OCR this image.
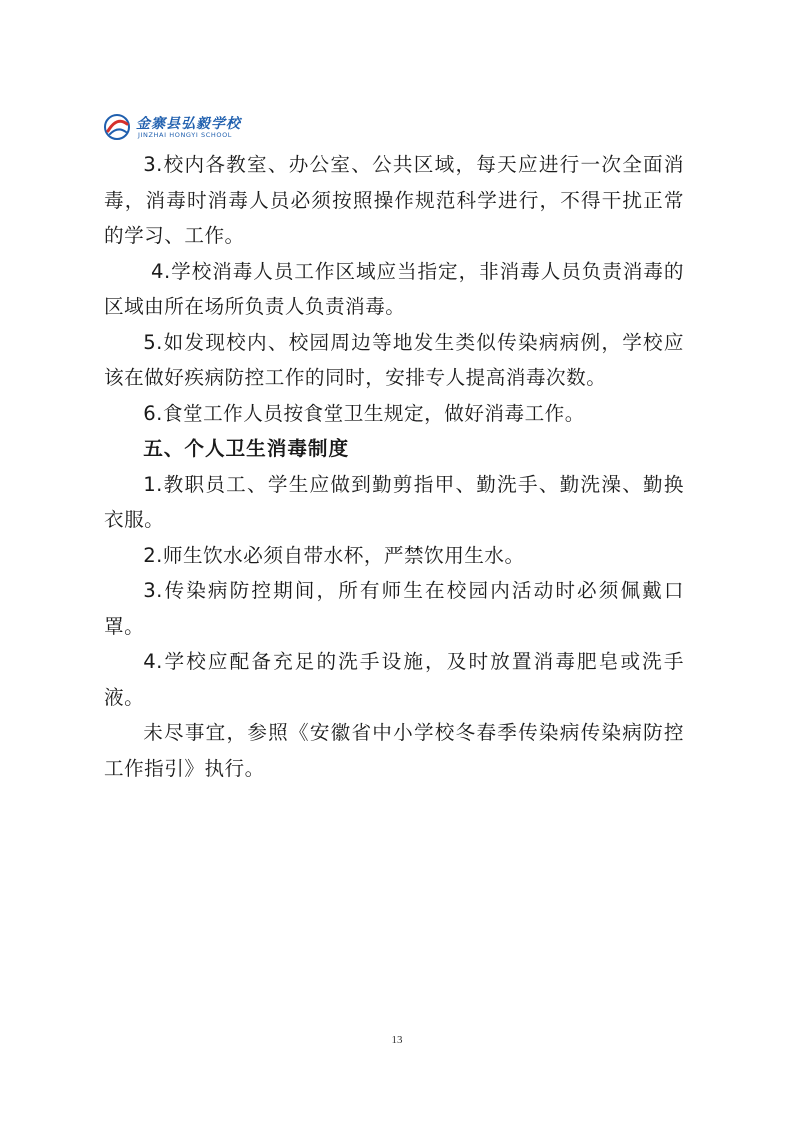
金寨县弘毅学校
JINZHAI HONGYI SCHOOL

3.校内各教室、办公室、公共区域，每天应进行一次全面消毒，消毒时消毒人员必须按照操作规范科学进行，不得干扰正常的学习、工作。

4.学校消毒人员工作区域应当指定，非消毒人员负责消毒的区域由所在场所负责人负责消毒。

5.如发现校内、校园周边等地发生类似传染病病例，学校应该在做好疾病防控工作的同时，安排专人提高消毒次数。

6.食堂工作人员按食堂卫生规定，做好消毒工作。

五、个人卫生消毒制度

1.教职员工、学生应做到勤剪指甲、勤洗手、勤洗澡、勤换衣服。

2.师生饮水必须自带水杯，严禁饮用生水。

3.传染病防控期间，所有师生在校园内活动时必须佩戴口罩。

4.学校应配备充足的洗手设施，及时放置消毒肥皂或洗手液。

未尽事宜，参照《安徽省中小学校冬春季传染病传染病防控工作指引》执行。

13
